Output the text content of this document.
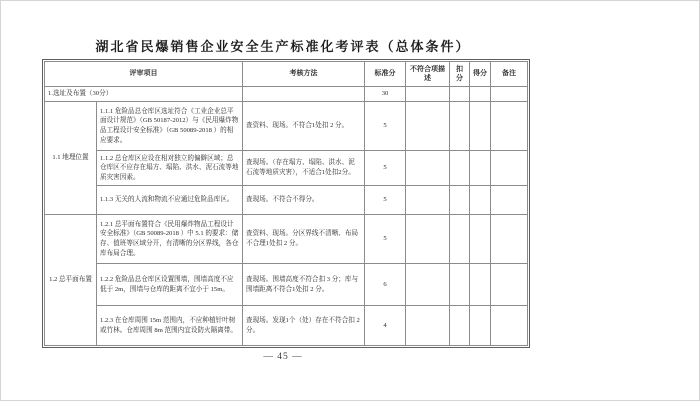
湖北省民爆销售企业安全生产标准化考评表（总体条件）
评审项目		考核方法	标准分	不符合项描述	扣分	得分	备注
1.选址及布置（30分）			30				
1.1 地理位置	1.1.1 危险品总仓库区选址符合《工业企业总平面设计规范》（GB 50187-2012）与《民用爆炸物品工程设计安全标准》（GB 50089-2018 ）的相应要求。	查资料、现场。不符合1处扣 2 分。	5				
	1.1.2 总仓库区应设在相对独立的偏僻区域；总仓库区不应存在塌方、塌陷、洪水、泥石流等地质灾害因素。	查现场。（存在塌方、塌陷、洪水、泥石流等地质灾害），不适合1处扣2分。	5				
	1.1.3 无关的人流和物流不应通过危险品库区。	查现场。不符合不得分。	5				
1.2 总平面布置	1.2.1 总平面布置符合《民用爆炸物品工程设计安全标准》（GB 50089-2018 ）中 5.1 的要求：储存、值班等区域分开，有清晰的分区界线，各仓库布局合理。	查资料、现场。分区界线不清晰、布局不合理1处扣 2 分。	5				
	1.2.2 危险品总仓库区设置围墙，围墙高度不应低于 2m，围墙与仓库的距离不宜小于 15m。	查现场。围墙高度不符合扣 3 分；库与围墙距离不符合1处扣 2 分。	6				
	1.2.3 在仓库周围 15m 范围内，不应种植针叶树或竹林。仓库周围 8m 范围内宜设防火隔离带。	查现场。发现1个（处）存在不符合扣 2 分。	4				
— 45 —
